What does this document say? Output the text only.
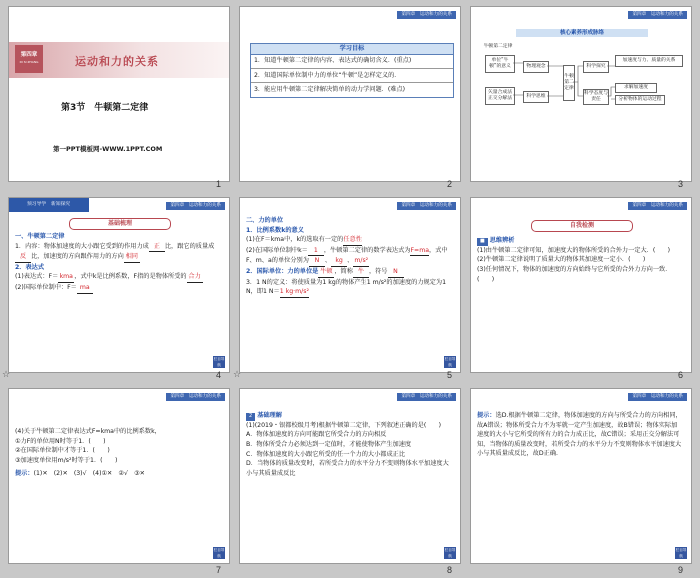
第四章
DI SI ZHANG	运动和力的关系
第3节　牛顿第二定律
第一PPT模板网-WWW.1PPT.COM
1
第四章　运动和力的关系
学习目标
1．知道牛顿第二定律的内容、表达式的确切含义．(重点)
2．知道国际单位制中力的单位“牛顿”是怎样定义的．
3．能应用牛顿第二定律解决简单的动力学问题．(难点)
2
第四章　运动和力的关系
核心素养形成脉络
牛顿第二定律
单位“牛顿”的意义
矢量合成法正交分解法
物理观念
科学思维
牛顿第二定律
科学探究
科学态度与责任
加速度与力、质量的关系
求解加速度
分析物体的运动过程
3
预习导学　新知探究	第四章　运动和力的关系
基础梳理
一、牛顿第二定律
1．内容：物体加速度的大小跟它受到的作用力成 正 比，跟它的质量成反 比，加速度的方向跟作用力的方向 相同
2．表达式
(1)表达式：F＝kma，式中k是比例系数，F指的是物体所受的 合力
(2)国际单位制中：F＝ ma
栏目导航
4
☆
第四章　运动和力的关系
二、力的单位
1．比例系数k的意义
(1)在F＝kma中，k的选取有一定的任意性
(2)在国际单位制中k＝ 1 ，牛顿第二定律的数学表达式为F=ma，式中F、m、a的单位分别为 N 、 kg 、m/s²
2．国际单位：力的单位是 牛顿 ，简称 牛 ，符号 N
3．1 N的定义：将使质量为1 kg的物体产生1 m/s²的加速度的力规定为1 N，即1 N＝1 kg·m/s²
栏目导航
5
☆
第四章　运动和力的关系
自我检测
■ 思维辨析
(1)由牛顿第二定律可知，加速度大的物体所受的合外力一定大．(　　)
(2)牛顿第二定律说明了质量大的物体其加速度一定小．(　　)
(3)任何情况下，物体的加速度的方向始终与它所受的合外力方向一致．(　　)
6
第四章　运动和力的关系
(4)关于牛顿第二定律表达式F=kma中的比例系数k，
①力F的单位用N时等于1．(　　)
②在国际单位制中才等于1．(　　)
③加速度单位用m/s²时等于1．(　　)
提示：(1)✕　(2)✕　(3)√　(4)①✕　②√　③✕
栏目导航
7
第四章　运动和力的关系
2 基础理解
(1)(2019・银都校级月考)根据牛顿第二定律，下列叙述正确的是(　　)
A．物体加速度的方向可能跟它所受合力的方向相反
B．物体所受合力必须达到一定值时，才能使物体产生加速度
C．物体加速度的大小跟它所受的任一个力的大小都成正比
D．当物体的质量改变时，若所受合力的水平分力不变则物体水平加速度大小与其质量成反比
栏目导航
8
第四章　运动和力的关系
提示：选D.根据牛顿第二定律，物体加速度的方向与所受合力的方向相同，故A错误；物体所受合力不为零就一定产生加速度，故B错误；物体实际加速度的大小与它所受的所有力的合力成正比，故C错误；采用正交分解法可知，当物体的质量改变时，若所受合力的水平分力不变则物体水平加速度大小与其质量成反比，故D正确.
栏目导航
9
